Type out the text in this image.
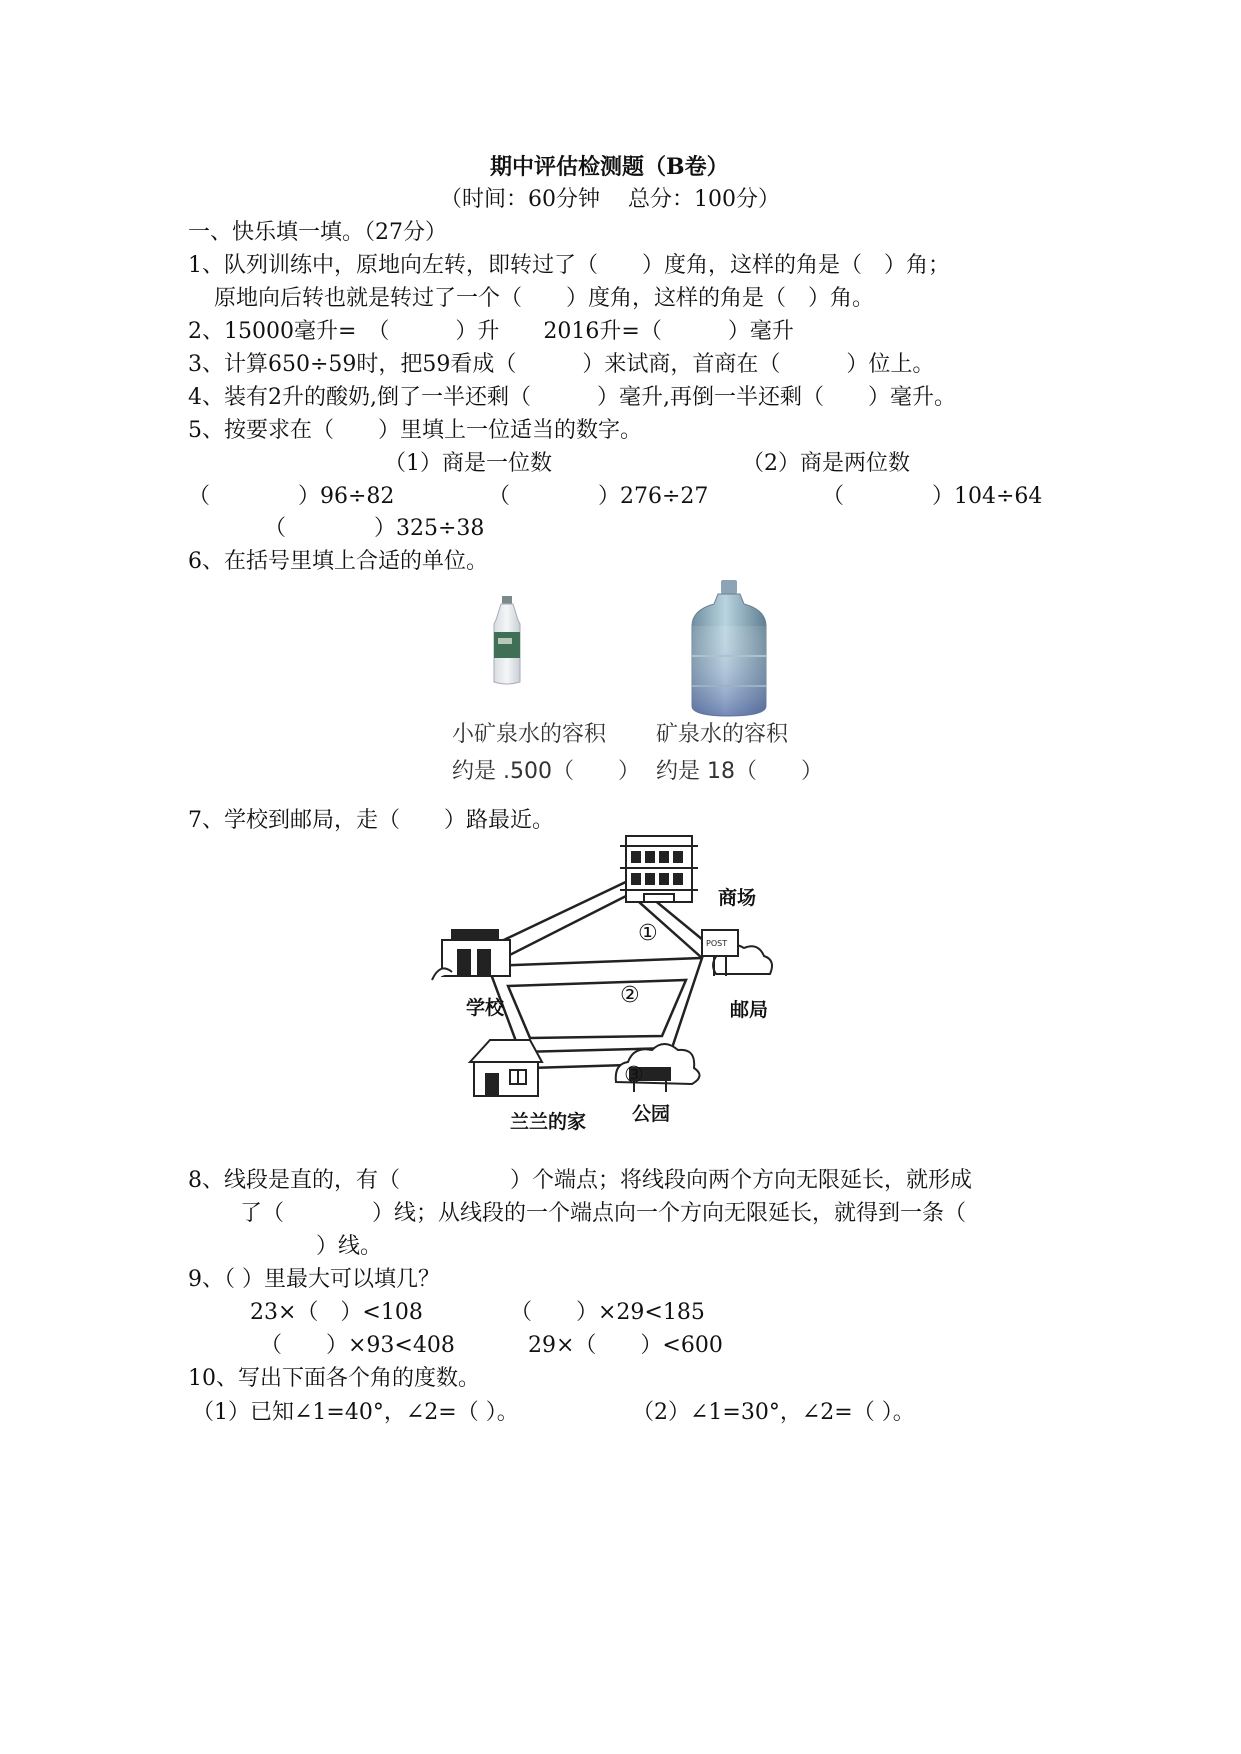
期中评估检测题（B卷）
（时间：60分钟    总分：100分）
一、快乐填一填。（27分）
1、队列训练中，原地向左转，即转过了（　　）度角，这样的角是（　）角；
原地向后转也就是转过了一个（　　）度角，这样的角是（　）角。
2、15000毫升=　（　　　）升　　2016升=（　　　）毫升
3、计算650÷59时，把59看成（　　　）来试商，首商在（　　　）位上。
4、装有2升的酸奶,倒了一半还剩（　　　）毫升,再倒一半还剩（　　）毫升。
5、按要求在（　　）里填上一位适当的数字。
（1）商是一位数	（2）商是两位数
（　　　　）96÷82	（　　　　）276÷27	（　　　　）104÷64
（　　　　）325÷38
6、在括号里填上合适的单位。
小矿泉水的容积
约是 .500（　　）
矿泉水的容积
约是 18（　　）
7、学校到邮局，走（　　）路最近。
POST
商场
学校	邮局
兰兰的家 公园
①
②
③
8、线段是直的，有（　　　　　）个端点；将线段向两个方向无限延长，就形成
了（　　　　）线；从线段的一个端点向一个方向无限延长，就得到一条（
）线。
9、（ ）里最大可以填几？
23×（　）<108	（　　）×29<185
（　　）×93<408	29×（　　）<600
10、写出下面各个角的度数。
（1）已知∠1=40°，∠2=（ ）。	（2）∠1=30°，∠2=（ ）。
